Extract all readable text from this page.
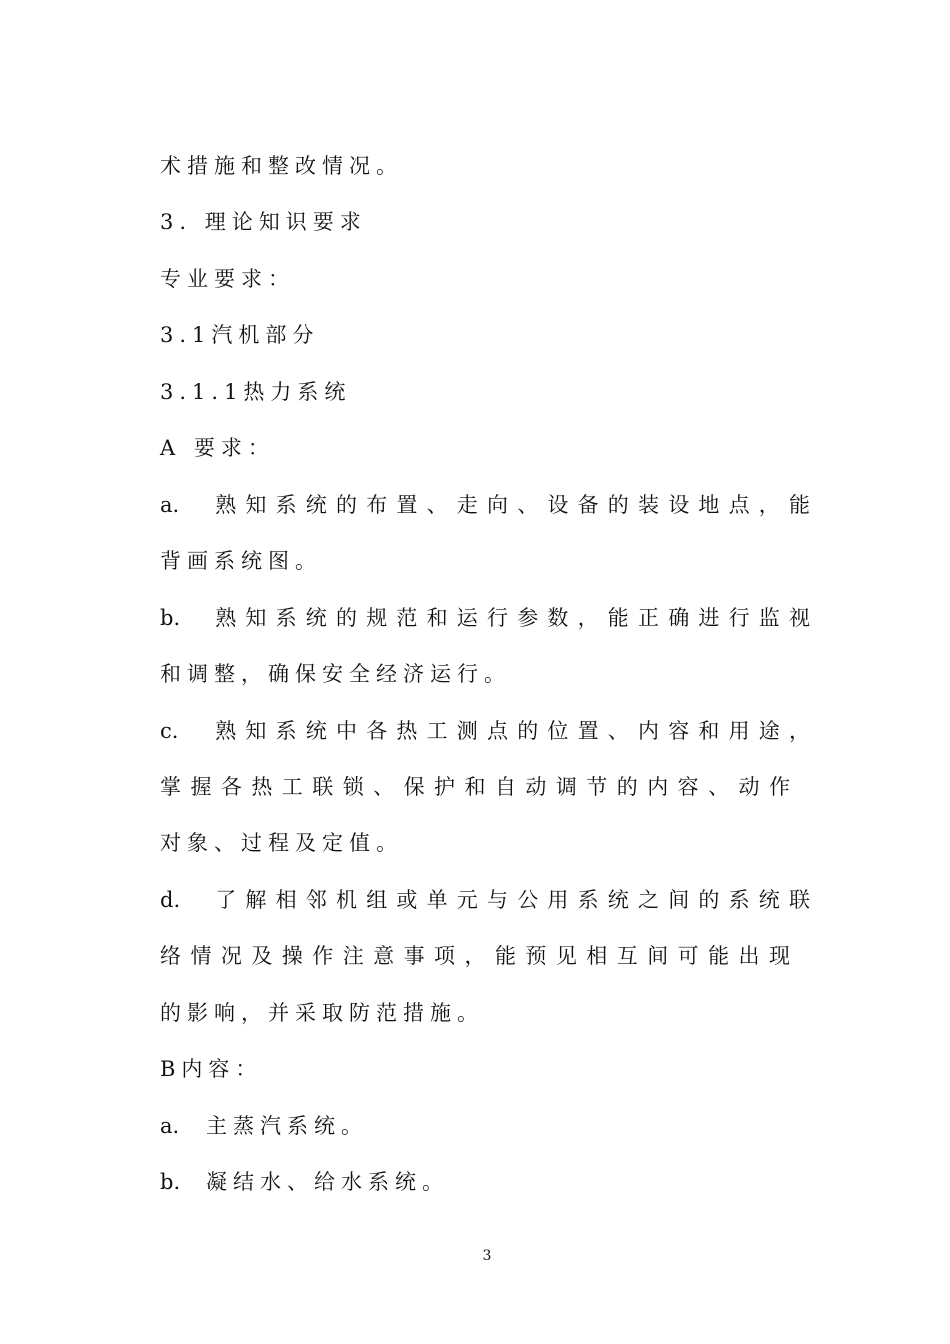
术措施和整改情况。
3. 理论知识要求
专业要求：
3.1汽机部分
3.1.1热力系统
A 要求：
a. 熟知系统的布置、走向、设备的装设地点，能
背画系统图。
b. 熟知系统的规范和运行参数，能正确进行监视
和调整，确保安全经济运行。
c. 熟知系统中各热工测点的位置、内容和用途，
掌握各热工联锁、保护和自动调节的内容、动作
对象、过程及定值。
d. 了解相邻机组或单元与公用系统之间的系统联
络情况及操作注意事项，能预见相互间可能出现
的影响，并采取防范措施。
B内容：
a. 主蒸汽系统。
b. 凝结水、给水系统。
3
